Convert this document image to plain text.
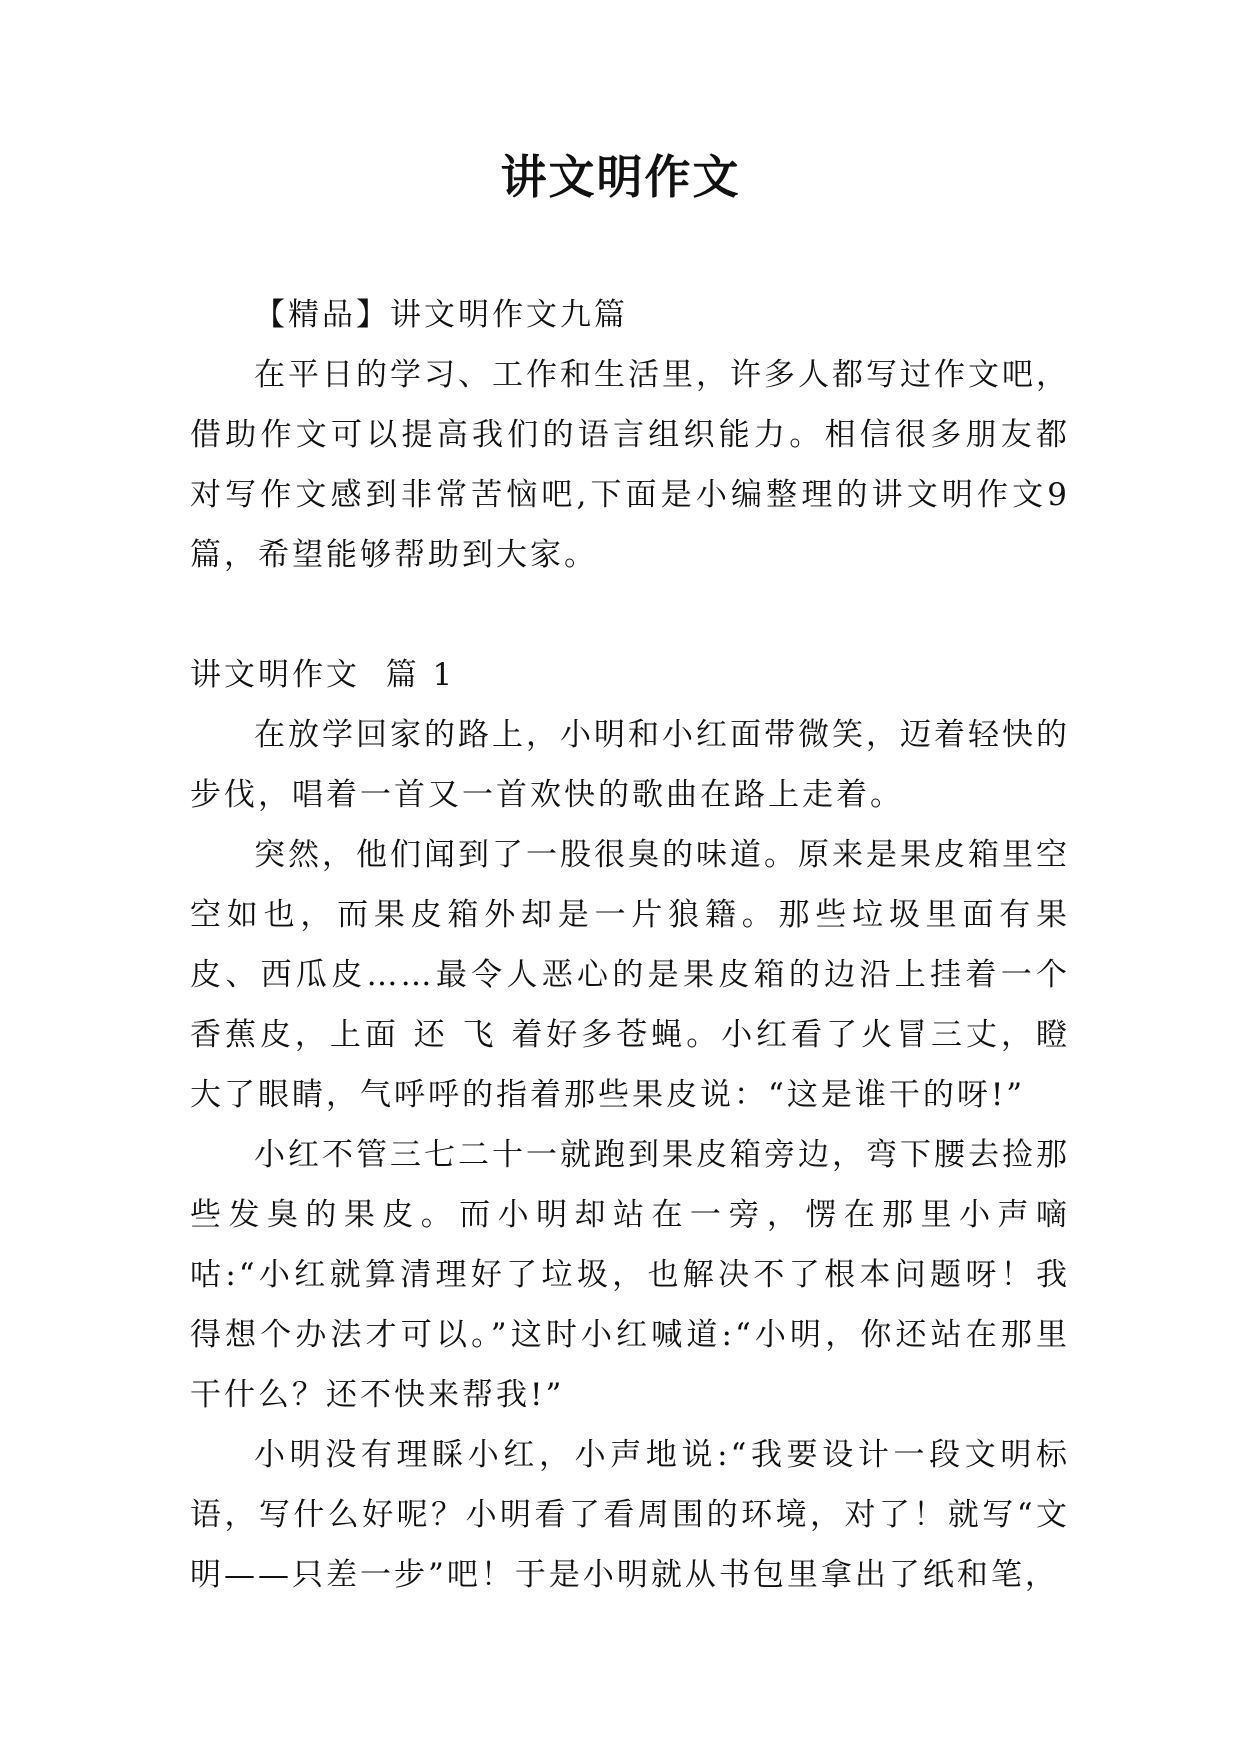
讲文明作文

【精品】讲文明作文九篇

在平日的学习、工作和生活里，许多人都写过作文吧，借助作文可以提高我们的语言组织能力。相信很多朋友都对写作文感到非常苦恼吧,下面是小编整理的讲文明作文9篇，希望能够帮助到大家。

讲文明作文  篇 1

在放学回家的路上，小明和小红面带微笑，迈着轻快的步伐，唱着一首又一首欢快的歌曲在路上走着。

突然，他们闻到了一股很臭的味道。原来是果皮箱里空空如也，而果皮箱外却是一片狼籍。那些垃圾里面有果皮、西瓜皮……最令人恶心的是果皮箱的边沿上挂着一个香蕉皮，上面 还 飞 着好多苍蝇。小红看了火冒三丈，瞪大了眼睛，气呼呼的指着那些果皮说：“这是谁干的呀!”

小红不管三七二十一就跑到果皮箱旁边，弯下腰去捡那些发臭的果皮。而小明却站在一旁，愣在那里小声嘀咕:“小红就算清理好了垃圾，也解决不了根本问题呀！我得想个办法才可以。”这时小红喊道:“小明，你还站在那里干什么？还不快来帮我!”

小明没有理睬小红，小声地说:“我要设计一段文明标语，写什么好呢？小明看了看周围的环境，对了！就写“文明——只差一步”吧！于是小明就从书包里拿出了纸和笔，
